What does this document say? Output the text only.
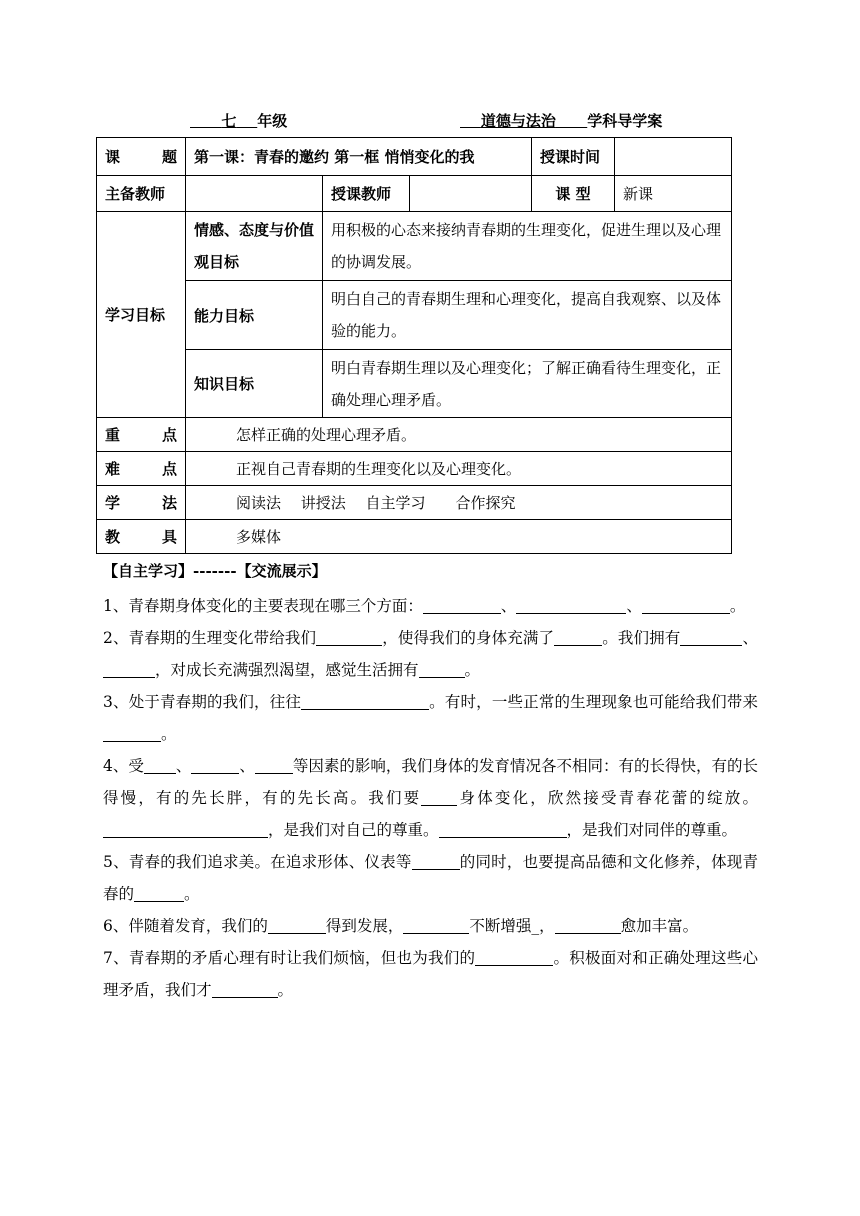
七 年级	道德与法治 学科导学案
课　　题	第一课：青春的邀约 第一框 悄悄变化的我			授课时间	
主备教师		授课教师		课 型	新课
学习目标	情感、态度与价值观目标	用积极的心态来接纳青春期的生理变化，促进生理以及心理的协调发展。			
	能力目标	明白自己的青春期生理和心理变化，提高自我观察、以及体验的能力。			
	知识目标	明白青春期生理以及心理变化；了解正确看待生理变化，正确处理心理矛盾。			
重　　点	怎样正确的处理心理矛盾。				
难　　点	正视自己青春期的生理变化以及心理变化。				
学　　法	阅读法　 讲授法　 自主学习　　合作探究				
教　　具	多媒体				
【自主学习】-------【交流展示】

1、青春期身体变化的主要表现在哪三个方面：	、	、	。

2、青春期的生理变化带给我们	，使得我们的身体充满了	。我们拥有	、，对成长充满强烈渴望，感觉生活拥有	。

3、处于青春期的我们，往往	。有时，一些正常的生理现象也可能给我们带来。

4、受 、	、 等因素的影响，我们身体的发育情况各不相同：有的长得快，有的长得慢，有的先长胖，有的先长高。我们要 身体变化，欣然接受青春花蕾的绽放。，是我们对自己的尊重。	，是我们对同伴的尊重。

5、青春的我们追求美。在追求形体、仪表等	的同时，也要提高品德和文化修养，体现青春的	。

6、伴随着发育，我们的	得到发展，	不断增强_，	愈加丰富。

7、青春期的矛盾心理有时让我们烦恼，但也为我们的	。积极面对和正确处理这些心理矛盾，我们才	。
